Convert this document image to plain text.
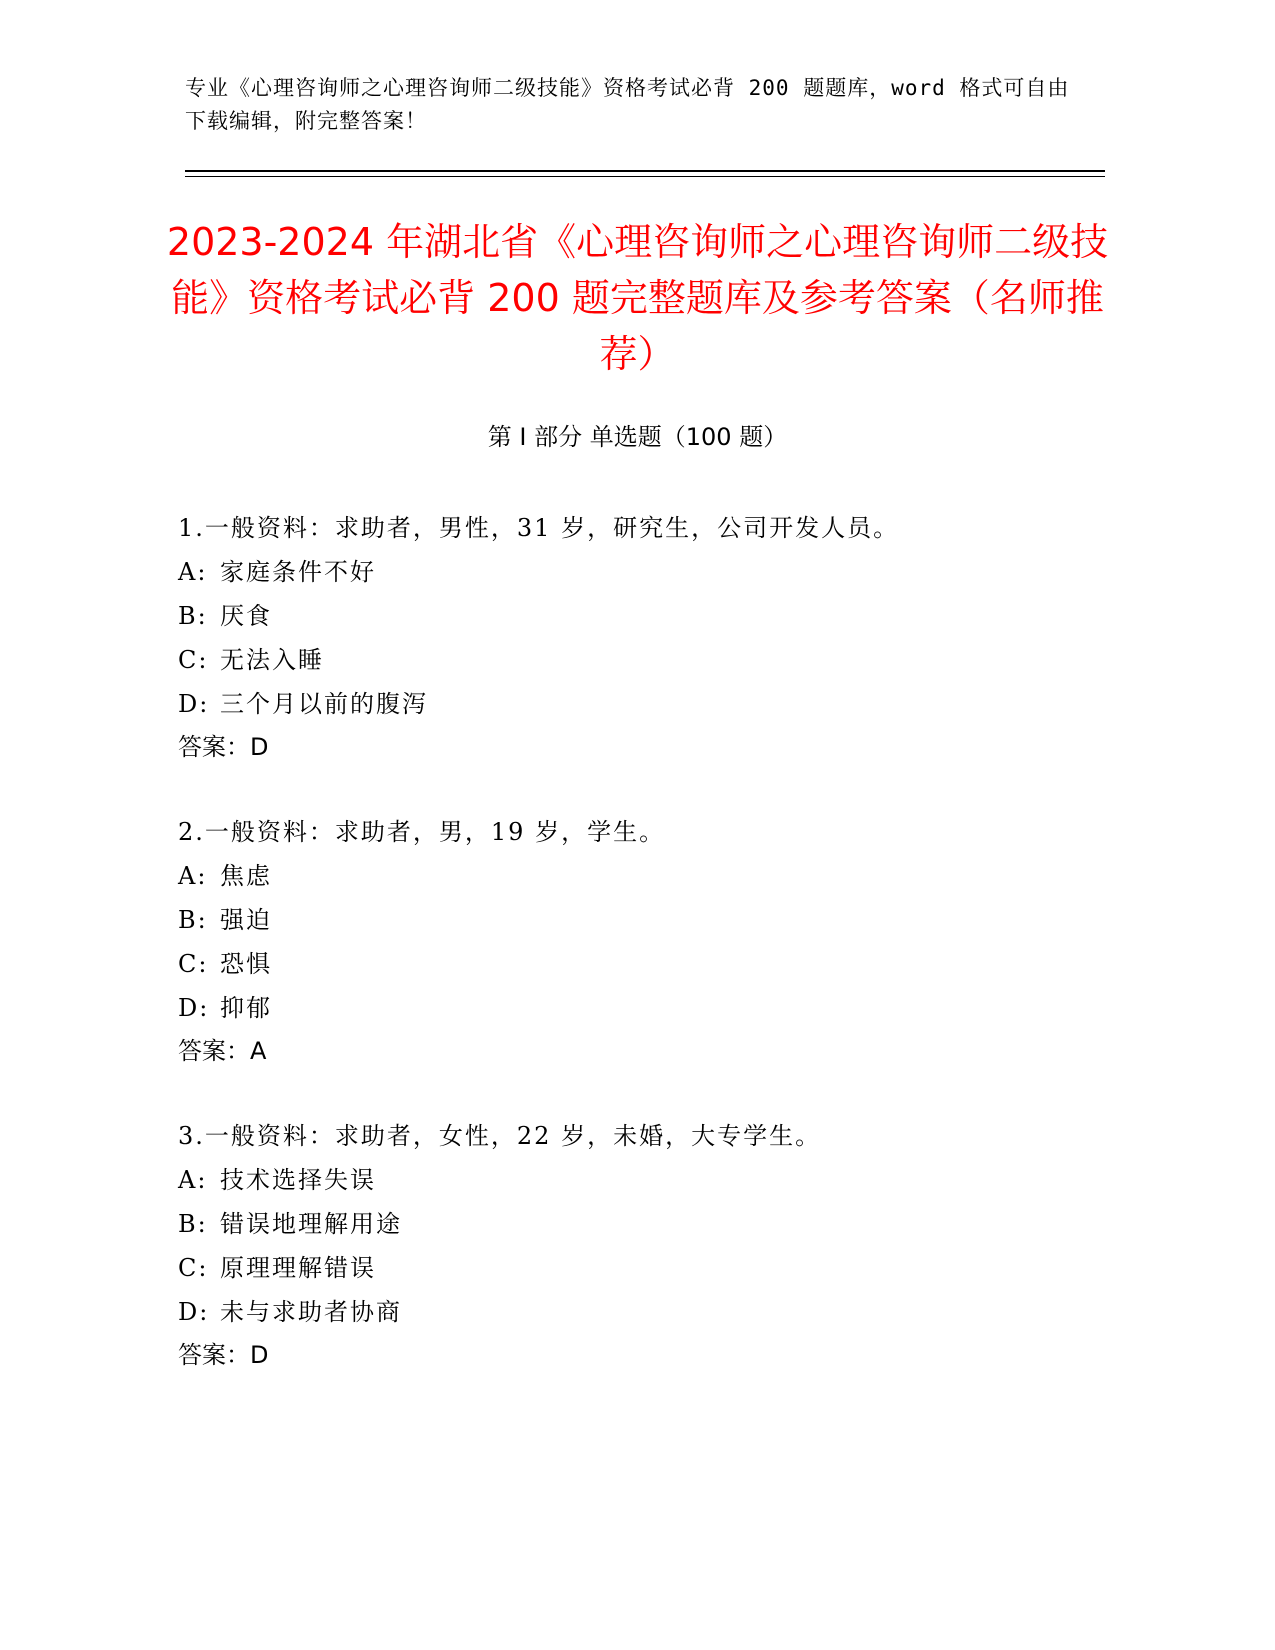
专业《心理咨询师之心理咨询师二级技能》资格考试必背 200 题题库，word 格式可自由下载编辑，附完整答案！
2023-2024 年湖北省《心理咨询师之心理咨询师二级技能》资格考试必背 200 题完整题库及参考答案（名师推荐）
第 I 部分 单选题（100 题）
1.一般资料：求助者，男性，31 岁，研究生，公司开发人员。
A: 家庭条件不好
B: 厌食
C: 无法入睡
D: 三个月以前的腹泻
答案：D
2.一般资料：求助者，男，19 岁，学生。
A: 焦虑
B: 强迫
C: 恐惧
D: 抑郁
答案：A
3.一般资料：求助者，女性，22 岁，未婚，大专学生。
A: 技术选择失误
B: 错误地理解用途
C: 原理理解错误
D: 未与求助者协商
答案：D
